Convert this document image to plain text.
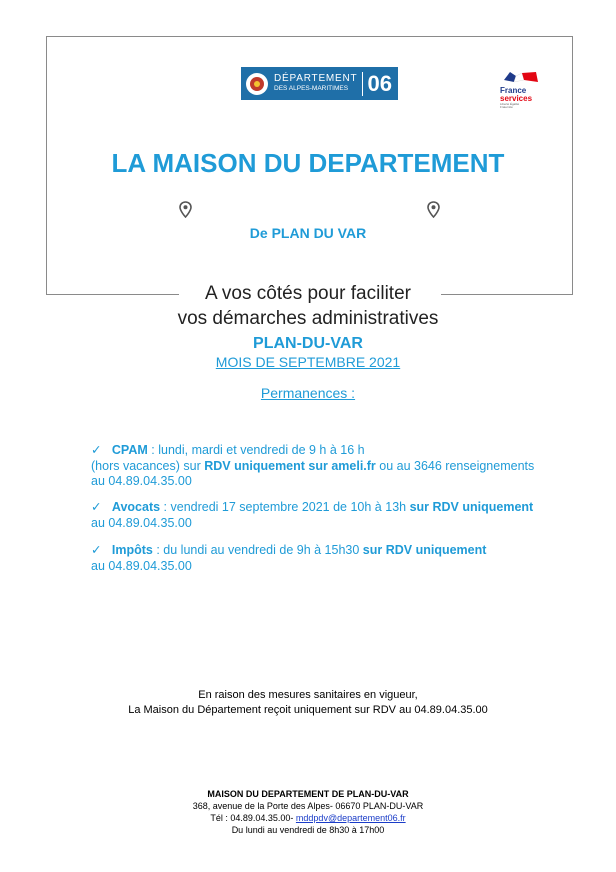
DÉPARTEMENT
DES ALPES-MARITIMES 06	France
services
Liberté Égalité Fraternité
LA MAISON DU DEPARTEMENT
De PLAN DU VAR
A vos côtés pour faciliter
vos démarches administratives
PLAN-DU-VAR
MOIS DE SEPTEMBRE 2021
Permanences :
✓ CPAM : lundi, mardi et vendredi de 9 h à 16 h
(hors vacances) sur RDV uniquement sur ameli.fr ou au 3646 renseignements
au 04.89.04.35.00
✓ Avocats : vendredi 17 septembre 2021 de 10h à 13h sur RDV uniquement
au 04.89.04.35.00
✓ Impôts : du lundi au vendredi de 9h à 15h30 sur RDV uniquement
au 04.89.04.35.00
En raison des mesures sanitaires en vigueur,
La Maison du Département reçoit uniquement sur RDV au 04.89.04.35.00
MAISON DU DEPARTEMENT DE PLAN-DU-VAR
368, avenue de la Porte des Alpes- 06670 PLAN-DU-VAR
Tél : 04.89.04.35.00- mddpdv@departement06.fr
Du lundi au vendredi de 8h30 à 17h00
